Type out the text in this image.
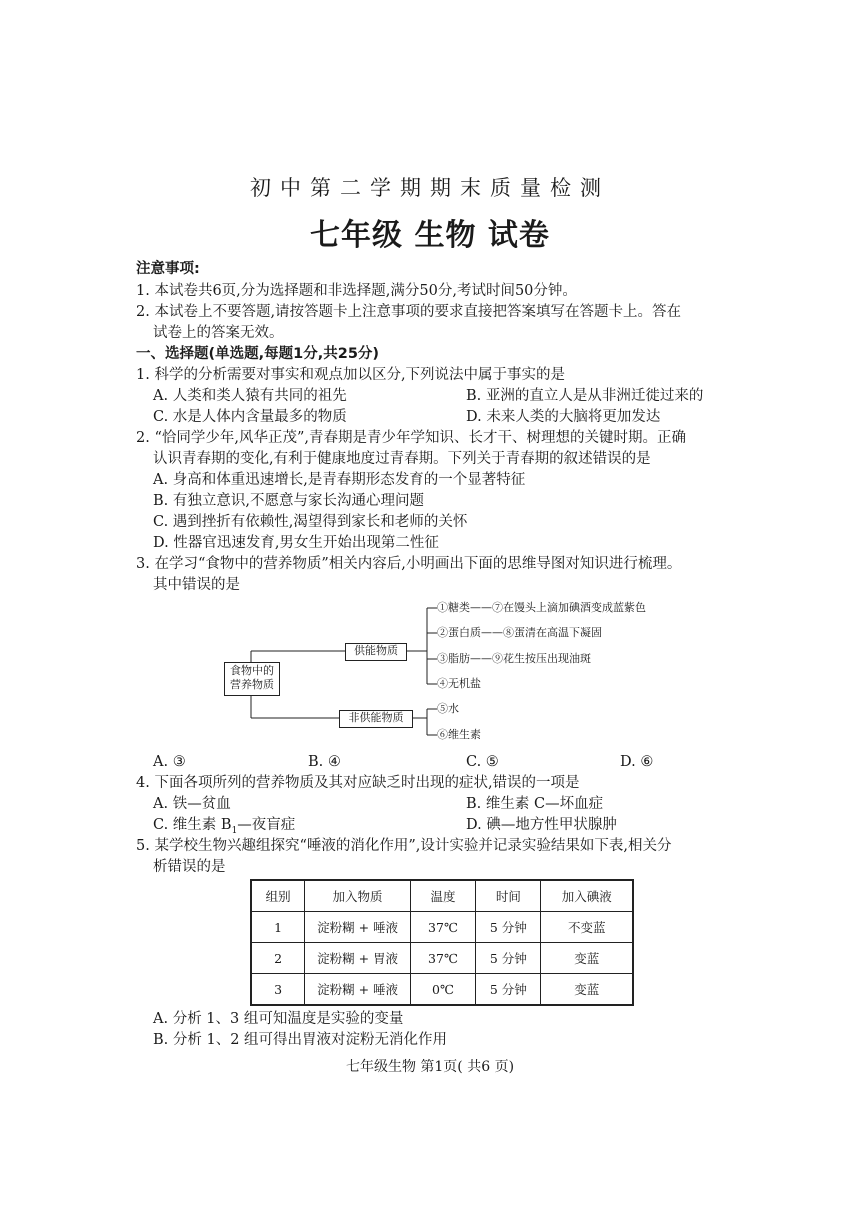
初中第二学期期末质量检测
七年级 生物 试卷
注意事项:
1. 本试卷共6页,分为选择题和非选择题,满分50分,考试时间50分钟。
2. 本试卷上不要答题,请按答题卡上注意事项的要求直接把答案填写在答题卡上。答在
试卷上的答案无效。
一、选择题(单选题,每题1分,共25分)
1. 科学的分析需要对事实和观点加以区分,下列说法中属于事实的是
A. 人类和类人猿有共同的祖先	B. 亚洲的直立人是从非洲迁徙过来的
C. 水是人体内含量最多的物质	D. 未来人类的大脑将更加发达
2. “恰同学少年,风华正茂”,青春期是青少年学知识、长才干、树理想的关键时期。正确
认识青春期的变化,有利于健康地度过青春期。下列关于青春期的叙述错误的是
A. 身高和体重迅速增长,是青春期形态发育的一个显著特征
B. 有独立意识,不愿意与家长沟通心理问题
C. 遇到挫折有依赖性,渴望得到家长和老师的关怀
D. 性器官迅速发育,男女生开始出现第二性征
3. 在学习“食物中的营养物质”相关内容后,小明画出下面的思维导图对知识进行梳理。
其中错误的是
食物中的
营养物质
供能物质
非供能物质
①糖类——⑦在馒头上滴加碘酒变成蓝紫色
②蛋白质——⑧蛋清在高温下凝固
③脂肪——⑨花生按压出现油斑
④无机盐
⑤水
⑥维生素
A. ③	B. ④	C. ⑤	D. ⑥
4. 下面各项所列的营养物质及其对应缺乏时出现的症状,错误的一项是
A. 铁—贫血	B. 维生素 C—坏血症
C. 维生素 $B_1—$夜盲症	D. 碘—地方性甲状腺肿
5. 某学校生物兴趣组探究“唾液的消化作用”,设计实验并记录实验结果如下表,相关分
析错误的是
组别	加入物质	温度	时间	加入碘液
1	淀粉糊 + 唾液	37℃	5 分钟	不变蓝
2	淀粉糊 + 胃液	37℃	5 分钟	变蓝
3	淀粉糊 + 唾液	0℃	5 分钟	变蓝
A. 分析 1、3 组可知温度是实验的变量
B. 分析 1、2 组可得出胃液对淀粉无消化作用
七年级生物 第1页( 共6 页)
